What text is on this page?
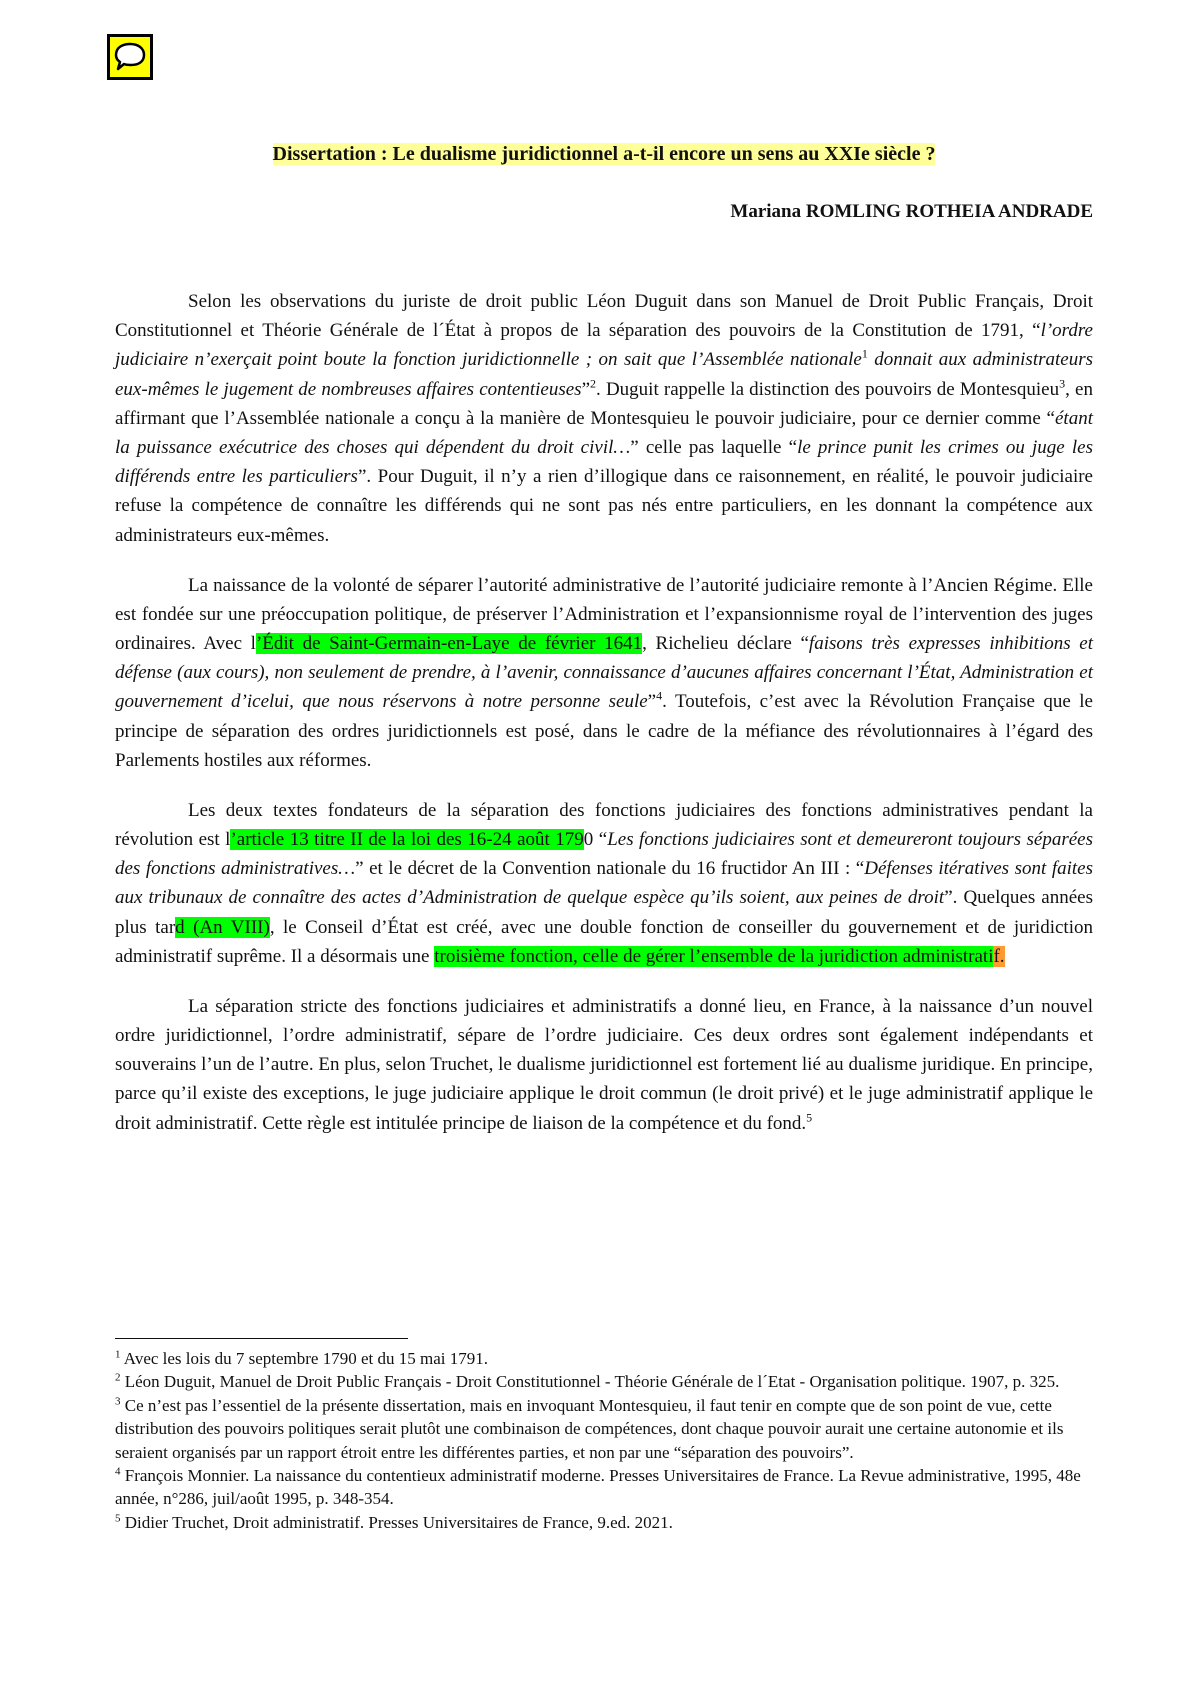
Dissertation : Le dualisme juridictionnel a-t-il encore un sens au XXIe siècle ?

Mariana ROMLING ROTHEIA ANDRADE

Selon les observations du juriste de droit public Léon Duguit dans son Manuel de Droit Public Français, Droit Constitutionnel et Théorie Générale de l´État à propos de la séparation des pouvoirs de la Constitution de 1791, “l’ordre judiciaire n’exerçait point boute la fonction juridictionnelle ; on sait que l’Assemblée nationale$^1$ donnait aux administrateurs eux-mêmes le jugement de nombreuses affaires contentieuses”$^2$. Duguit rappelle la distinction des pouvoirs de Montesquieu$^3$, en affirmant que l’Assemblée nationale a conçu à la manière de Montesquieu le pouvoir judiciaire, pour ce dernier comme “étant la puissance exécutrice des choses qui dépendent du droit civil…” celle pas laquelle “le prince punit les crimes ou juge les différends entre les particuliers”. Pour Duguit, il n’y a rien d’illogique dans ce raisonnement, en réalité, le pouvoir judiciaire refuse la compétence de connaître les différends qui ne sont pas nés entre particuliers, en les donnant la compétence aux administrateurs eux-mêmes.

La naissance de la volonté de séparer l’autorité administrative de l’autorité judiciaire remonte à l’Ancien Régime. Elle est fondée sur une préoccupation politique, de préserver l’Administration et l’expansionnisme royal de l’intervention des juges ordinaires. Avec l’Édit de Saint-Germain-en-Laye de février 1641, Richelieu déclare “faisons très expresses inhibitions et défense (aux cours), non seulement de prendre, à l’avenir, connaissance d’aucunes affaires concernant l’État, Administration et gouvernement d’icelui, que nous réservons à notre personne seule”$^4$. Toutefois, c’est avec la Révolution Française que le principe de séparation des ordres juridictionnels est posé, dans le cadre de la méfiance des révolutionnaires à l’égard des Parlements hostiles aux réformes.

Les deux textes fondateurs de la séparation des fonctions judiciaires des fonctions administratives pendant la révolution est l’article 13 titre II de la loi des 16-24 août 1790 “Les fonctions judiciaires sont et demeureront toujours séparées des fonctions administratives…” et le décret de la Convention nationale du 16 fructidor An III : “Défenses itératives sont faites aux tribunaux de connaître des actes d’Administration de quelque espèce qu’ils soient, aux peines de droit”. Quelques années plus tard (An VIII), le Conseil d’État est créé, avec une double fonction de conseiller du gouvernement et de juridiction administratif suprême. Il a désormais une troisième fonction, celle de gérer l’ensemble de la juridiction administratif.

La séparation stricte des fonctions judiciaires et administratifs a donné lieu, en France, à la naissance d’un nouvel ordre juridictionnel, l’ordre administratif, sépare de l’ordre judiciaire. Ces deux ordres sont également indépendants et souverains l’un de l’autre. En plus, selon Truchet, le dualisme juridictionnel est fortement lié au dualisme juridique. En principe, parce qu’il existe des exceptions, le juge judiciaire applique le droit commun (le droit privé) et le juge administratif applique le droit administratif. Cette règle est intitulée principe de liaison de la compétence et du fond.$^5$

$^1$ Avec les lois du 7 septembre 1790 et du 15 mai 1791.

$^2$ Léon Duguit, Manuel de Droit Public Français - Droit Constitutionnel - Théorie Générale de l´Etat - Organisation politique. 1907, p. 325.

$^3$ Ce n’est pas l’essentiel de la présente dissertation, mais en invoquant Montesquieu, il faut tenir en compte que de son point de vue, cette distribution des pouvoirs politiques serait plutôt une combinaison de compétences, dont chaque pouvoir aurait une certaine autonomie et ils seraient organisés par un rapport étroit entre les différentes parties, et non par une “séparation des pouvoirs”.

$^4$ François Monnier. La naissance du contentieux administratif moderne. Presses Universitaires de France. La Revue administrative, 1995, 48e année, n°286, juil/août 1995, p. 348-354.

$^5$ Didier Truchet, Droit administratif. Presses Universitaires de France, 9.ed. 2021.
